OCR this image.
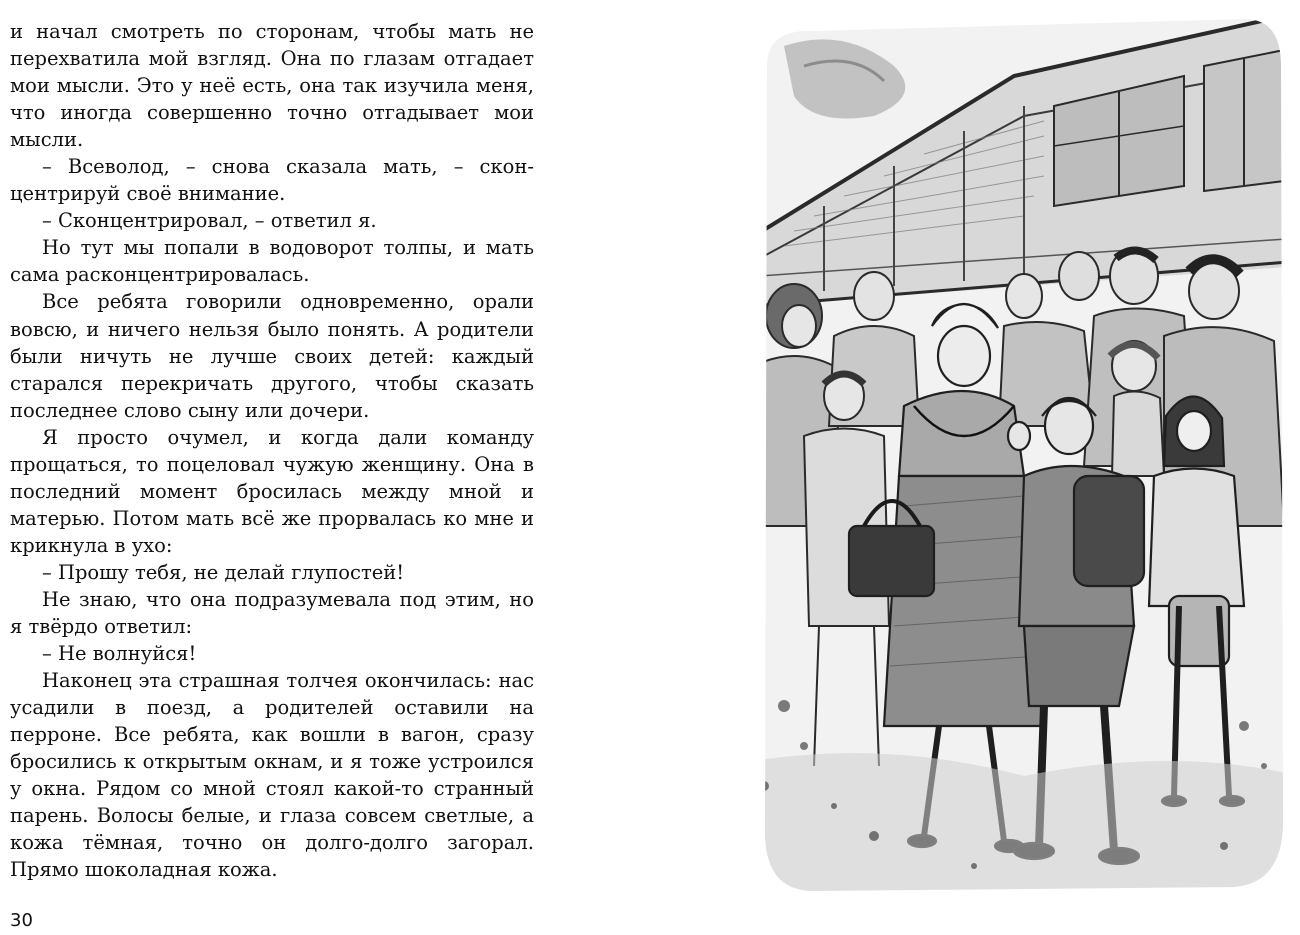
и начал смотреть по сторонам, чтобы мать не перехватила мой взгляд. Она по глазам отгадает мои мысли. Это у неё есть, она так изучила меня, что иногда совершенно точно отгадывает мои мысли.

– Всеволод, – снова сказала мать, – сконцентрируй своё внимание.

– Сконцентрировал, – ответил я.

Но тут мы попали в водоворот толпы, и мать сама расконцентрировалась.

Все ребята говорили одновременно, орали вовсю, и ничего нельзя было понять. А родители были ничуть не лучше своих детей: каждый старался перекричать другого, чтобы сказать последнее слово сыну или дочери.

Я просто очумел, и когда дали команду прощаться, то поцеловал чужую женщину. Она в последний момент бросилась между мной и матерью. Потом мать всё же прорвалась ко мне и крикнула в ухо:

– Прошу тебя, не делай глупостей!

Не знаю, что она подразумевала под этим, но я твёрдо ответил:

– Не волнуйся!

Наконец эта страшная толчея окончилась: нас усадили в поезд, а родителей оставили на перроне. Все ребята, как вошли в вагон, сразу бросились к открытым окнам, и я тоже устроился у окна. Рядом со мной стоял какой-то странный парень. Волосы белые, и глаза совсем светлые, а кожа тёмная, точно он долго-долго загорал. Прямо шоколадная кожа.

30
